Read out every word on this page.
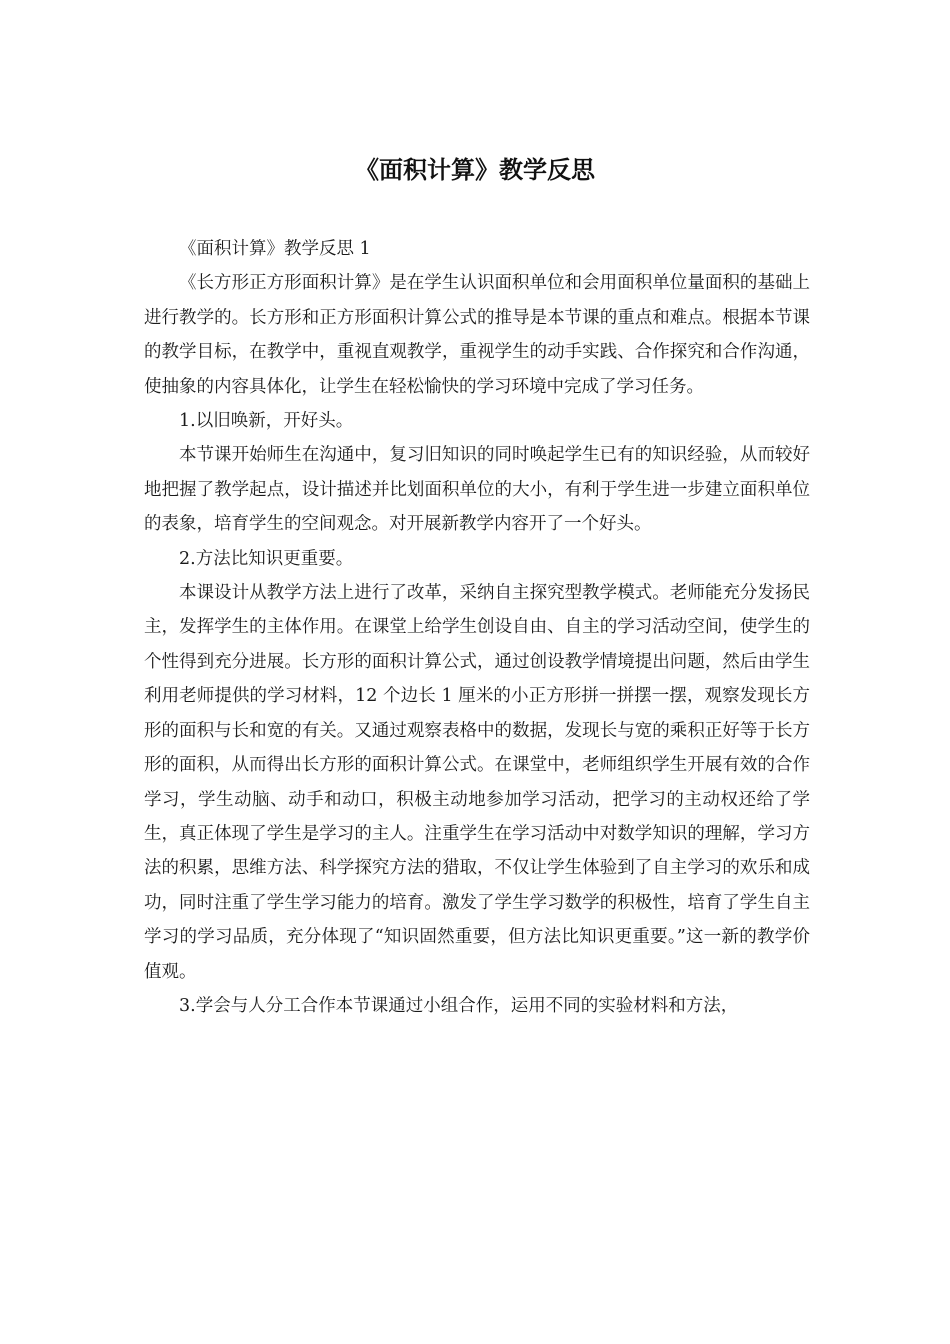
《面积计算》教学反思

《面积计算》教学反思 1

《长方形正方形面积计算》是在学生认识面积单位和会用面积单位量面积的基础上进行教学的。长方形和正方形面积计算公式的推导是本节课的重点和难点。根据本节课的教学目标，在教学中，重视直观教学，重视学生的动手实践、合作探究和合作沟通，使抽象的内容具体化，让学生在轻松愉快的学习环境中完成了学习任务。

1.以旧唤新，开好头。

本节课开始师生在沟通中，复习旧知识的同时唤起学生已有的知识经验，从而较好地把握了教学起点，设计描述并比划面积单位的大小，有利于学生进一步建立面积单位的表象，培育学生的空间观念。对开展新教学内容开了一个好头。

2.方法比知识更重要。

本课设计从教学方法上进行了改革，采纳自主探究型教学模式。老师能充分发扬民主，发挥学生的主体作用。在课堂上给学生创设自由、自主的学习活动空间，使学生的个性得到充分进展。长方形的面积计算公式，通过创设教学情境提出问题，然后由学生利用老师提供的学习材料，12 个边长 1 厘米的小正方形拼一拼摆一摆，观察发现长方形的面积与长和宽的有关。又通过观察表格中的数据，发现长与宽的乘积正好等于长方形的面积，从而得出长方形的面积计算公式。在课堂中，老师组织学生开展有效的合作学习，学生动脑、动手和动口，积极主动地参加学习活动，把学习的主动权还给了学生，真正体现了学生是学习的主人。注重学生在学习活动中对数学知识的理解，学习方法的积累，思维方法、科学探究方法的猎取，不仅让学生体验到了自主学习的欢乐和成功，同时注重了学生学习能力的培育。激发了学生学习数学的积极性，培育了学生自主学习的学习品质，充分体现了“知识固然重要，但方法比知识更重要。”这一新的教学价值观。

3.学会与人分工合作本节课通过小组合作，运用不同的实验材料和方法，
